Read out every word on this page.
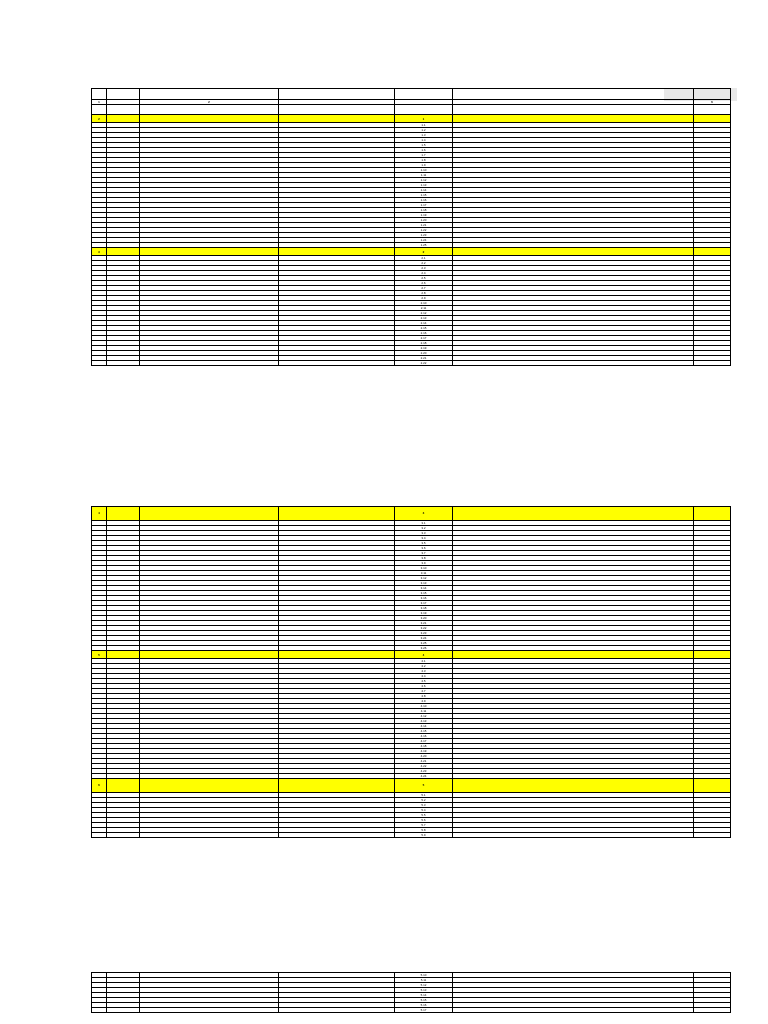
1		2				6

2				1		
				1.1		
				1.2		
				1.3		
				1.4		
				1.5		
				1.6		
				1.7		
				1.8		
				1.9		
				1.10		
				1.11		
				1.12		
				1.13		
				1.14		
				1.15		
				1.16		
				1.17		
				1.18		
				1.19		
				1.20		
				1.21		
				1.22		
				1.23		
				1.24		
				1.25		
3				2		
				2.1		
				2.2		
				2.3		
				2.4		
				2.5		
				2.6		
				2.7		
				2.8		
				2.9		
				2.10		
				2.11		
				2.12		
				2.13		
				2.14		
				2.15		
				2.16		
				2.17		
				2.18		
				2.19		
				2.20		
				2.21		
				2.22		
4				3		
				3.1		
				3.2		
				3.3		
				3.4		
				3.5		
				3.6		
				3.7		
				3.8		
				3.9		
				3.10		
				3.11		
				3.12		
				3.13		
				3.14		
				3.15		
				3.16		
				3.17		
				3.18		
				3.19		
				3.20		
				3.21		
				3.22		
				3.23		
				3.24		
				3.25		
				3.26		
5				4		
				4.1		
				4.2		
				4.3		
				4.4		
				4.5		
				4.6		
				4.7		
				4.8		
				4.9		
				4.10		
				4.11		
				4.12		
				4.13		
				4.14		
				4.15		
				4.16		
				4.17		
				4.18		
				4.19		
				4.20		
				4.21		
				4.22		
				4.23		
				4.24		
6				5		
				5.1		
				5.2		
				5.3		
				5.4		
				5.5		
				5.6		
				5.7		
				5.8		
				5.9		
				5.10		
				5.11		
				5.12		
				5.13		
				5.14		
				5.15		
				5.16		
				5.17		
